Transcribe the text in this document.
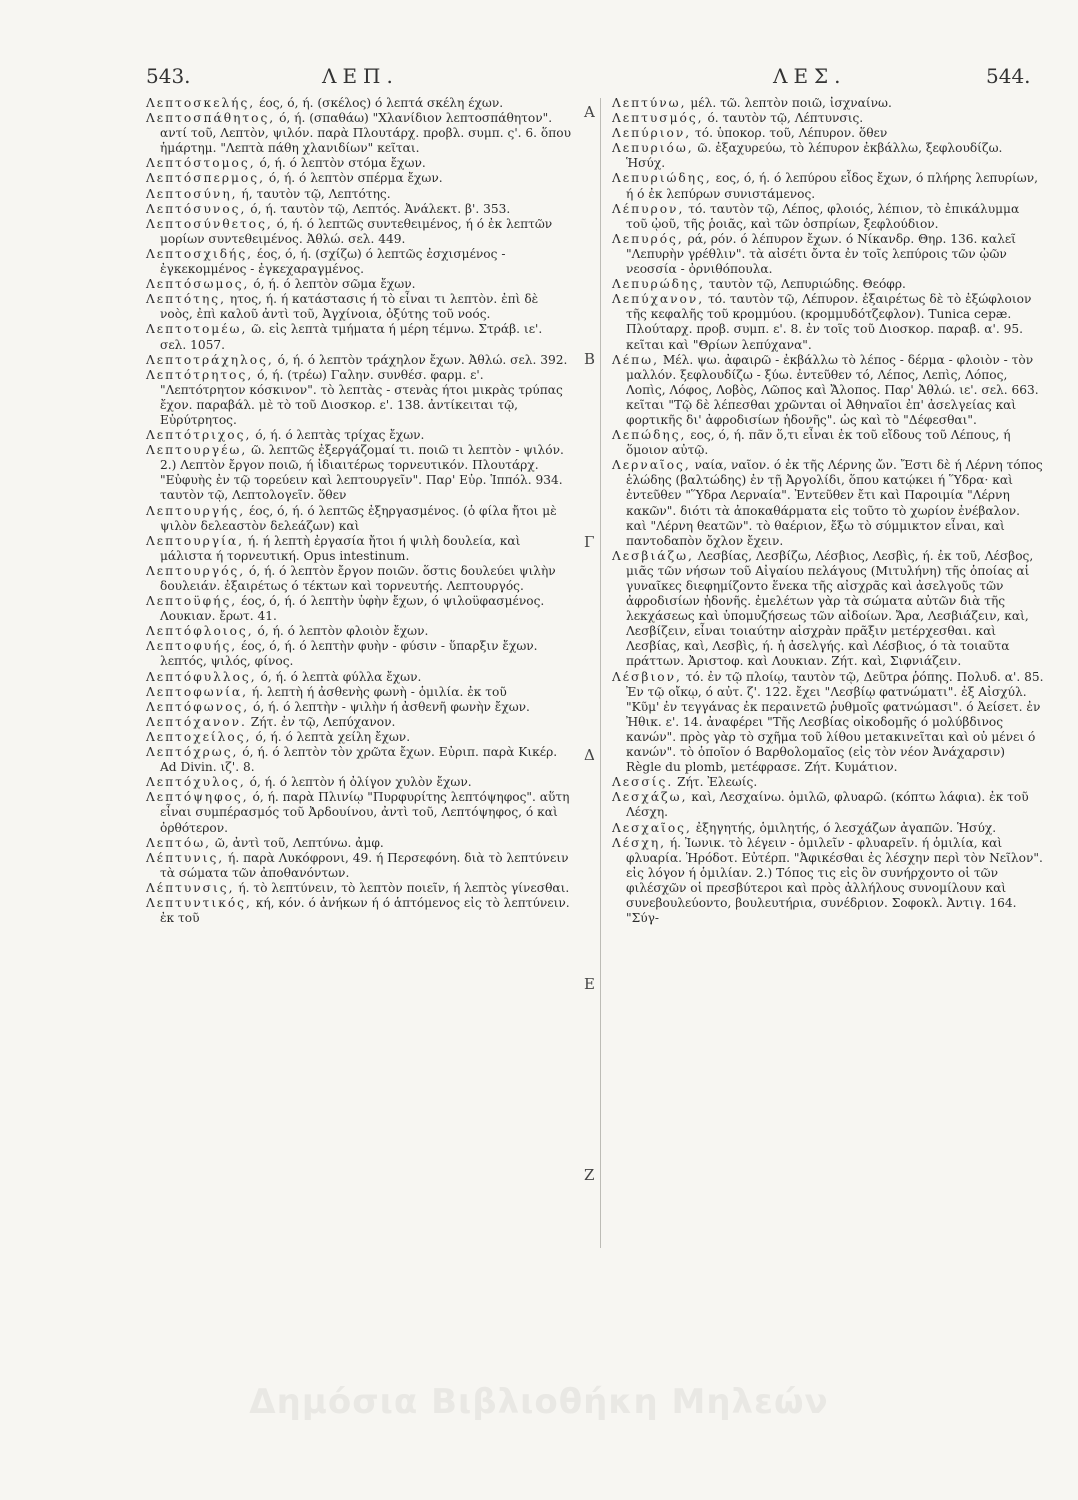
543.	ΛΕΠ.	ΛΕΣ.	544.

Λεπτοσκελής, έος, ό, ή. (σκέλος) ό λεπτά σκέλη έχων.

Λεπτοσπάθητος, ό, ή. (σπαθάω) "Χλανίδιον λεπτοσπάθητον". αντί τοῦ, Λεπτὸν, ψιλόν. παρὰ Πλουτάρχ. προβλ. συμπ. ς'. 6. ὅπου ἡμάρτημ. "Λεπτὰ πάθη χλανιδίων" κεῖται.

Λεπτόστομος, ό, ή. ό λεπτὸν στόμα ἔχων.

Λεπτόσπερμος, ό, ή. ό λεπτὸν σπέρμα ἔχων.

Λεπτοσύνη, ή, ταυτὸν τῷ, Λεπτότης.

Λεπτόσυνος, ό, ή. ταυτὸν τῷ, Λεπτός. Ἀνάλεκτ. β'. 353.

Λεπτοσύνθετος, ό, ή. ό λεπτῶς συντεθειμένος, ή ό ἐκ λεπτῶν μορίων συντεθειμένος. Ἀθλώ. σελ. 449.

Λεπτοσχιδής, έος, ό, ή. (σχίζω) ό λεπτῶς ἐσχισμένος - ἐγκεκομμένος - ἐγκεχαραγμένος.

Λεπτόσωμος, ό, ή. ό λεπτὸν σῶμα ἔχων.

Λεπτότης, ητος, ή. ή κατάστασις ή τὸ εἶναι τι λεπτὸν. ἐπὶ δὲ νοὸς, ἐπὶ καλοῦ ἀντὶ τοῦ, Ἀγχίνοια, ὀξύτης τοῦ νοός.

Λεπτοτομέω, ῶ. εἰς λεπτὰ τμήματα ή μέρη τέμνω. Στράβ. ιε'. σελ. 1057.

Λεπτοτράχηλος, ό, ή. ό λεπτὸν τράχηλον ἔχων. Ἀθλώ. σελ. 392.

Λεπτότρητος, ό, ή. (τρέω) Γαλην. συνθέσ. φαρμ. ε'. "Λεπτότρητον κόσκινον". τὸ λεπτὰς - στενὰς ήτοι μικρὰς τρύπας ἔχον. παραβάλ. μὲ τὸ τοῦ Διοσκορ. ε'. 138. ἀντίκειται τῷ, Εὐρύτρητος.

Λεπτότριχος, ό, ή. ό λεπτὰς τρίχας ἔχων.

Λεπτουργέω, ῶ. λεπτῶς ἐξεργάζομαί τι. ποιῶ τι λεπτὸν - ψιλόν. 2.) Λεπτὸν ἔργον ποιῶ, ή ἰδιαιτέρως τορνευτικόν. Πλουτάρχ. "Εὐφυὴς ἐν τῷ τορεύειν καὶ λεπτουργεῖν". Παρ' Εὐρ. Ἱππόλ. 934. ταυτὸν τῷ, Λεπτολογεῖν. ὅθεν

Λεπτουργής, έος, ό, ή. ό λεπτῶς ἐξηργασμένος. (ὁ φίλα ἤτοι μὲ ψιλὸν δελεαστὸν δελεάζων) καὶ

Λεπτουργία, ή. ή λεπτὴ ἐργασία ἤτοι ή ψιλὴ δουλεία, καὶ μάλιστα ή τορνευτική. Opus intestinum.

Λεπτουργός, ό, ή. ό λεπτὸν ἔργον ποιῶν. ὅστις δουλεύει ψιλὴν δουλειάν. ἐξαιρέτως ό τέκτων καὶ τορνευτής. Λεπτουργός.

Λεπτοϋφής, έος, ό, ή. ό λεπτὴν ὑφὴν ἔχων, ό ψιλοϋφασμένος. Λουκιαν. ἔρωτ. 41.

Λεπτόφλοιος, ό, ή. ό λεπτὸν φλοιὸν ἔχων.

Λεπτοφυής, έος, ό, ή. ό λεπτὴν φυὴν - φύσιν - ὕπαρξιν ἔχων. λεπτός, ψιλός, φίνος.

Λεπτόφυλλος, ό, ή. ό λεπτὰ φύλλα ἔχων.

Λεπτοφωνία, ή. λεπτὴ ή ἀσθενὴς φωνὴ - ὁμιλία. ἐκ τοῦ

Λεπτόφωνος, ό, ή. ό λεπτὴν - ψιλὴν ή ἀσθενῆ φωνὴν ἔχων.

Λεπτόχανον. Ζήτ. ἐν τῷ, Λεπύχανον.

Λεπτοχείλος, ό, ή. ό λεπτὰ χείλη ἔχων.

Λεπτόχρως, ό, ή. ό λεπτὸν τὸν χρῶτα ἔχων. Εὐριπ. παρὰ Κικέρ. Ad Divin. ιζ'. 8.

Λεπτόχυλος, ό, ή. ό λεπτὸν ή ὀλίγον χυλὸν ἔχων.

Λεπτόψηφος, ό, ή. παρὰ Πλινίῳ "Πυρφυρίτης λεπτόψηφος". αὕτη εἶναι συμπέρασμός τοῦ Ἀρδουίνου, ἀντὶ τοῦ, Λεπτόψηφος, ό καὶ ὀρθότερον.

Λεπτόω, ῶ, ἀντὶ τοῦ, Λεπτύνω. ἀμφ.

Λέπτυνις, ή. παρὰ Λυκόφρονι, 49. ή Περσεφόνη. διὰ τὸ λεπτύνειν τὰ σώματα τῶν ἀποθανόντων.

Λέπτυνσις, ή. τὸ λεπτύνειν, τὸ λεπτὸν ποιεῖν, ή λεπτὸς γίνεσθαι.

Λεπτυντικός, κή, κόν. ό ἀνήκων ή ό ἁπτόμενος εἰς τὸ λεπτύνειν. ἐκ τοῦ

A
B
Γ
Δ
E
Z

Λεπτύνω, μέλ. τῶ. λεπτὸν ποιῶ, ἰσχναίνω.

Λεπτυσμός, ό. ταυτὸν τῷ, Λέπτυνσις.

Λεπύριον, τό. ὑποκορ. τοῦ, Λέπυρον. ὅθεν

Λεπυριόω, ῶ. ἐξαχυρεύω, τὸ λέπυρον ἐκβάλλω, ξεφλουδίζω. Ἡσύχ.

Λεπυριώδης, εος, ό, ή. ό λεπύρου εἶδος ἔχων, ό πλήρης λεπυρίων, ή ό ἐκ λεπύρων συνιστάμενος.

Λέπυρον, τό. ταυτὸν τῷ, Λέπος, φλοιός, λέπιον, τὸ ἐπικάλυμμα τοῦ ᾠοῦ, τῆς ῥοιᾶς, καὶ τῶν ὀσπρίων, ξεφλούδιον.

Λεπυρός, ρά, ρόν. ό λέπυρον ἔχων. ό Νίκανδρ. Θηρ. 136. καλεῖ "Λεπυρὴν γρέθλιν". τὰ αἰσέτι ὄντα ἐν τοῖς λεπύροις τῶν ᾠῶν νεοσσία - ὀρνιθόπουλα.

Λεπυρώδης, ταυτὸν τῷ, Λεπυριώδης. Θεόφρ.

Λεπύχανον, τό. ταυτὸν τῷ, Λέπυρον. ἐξαιρέτως δὲ τὸ ἐξώφλοιον τῆς κεφαλῆς τοῦ κρομμύου. (κρομμυδότζεφλον). Tunica cepæ. Πλούταρχ. προβ. συμπ. ε'. 8. ἐν τοῖς τοῦ Διοσκορ. παραβ. α'. 95. κεῖται καὶ "Θρίων λεπύχανα".

Λέπω, Μέλ. ψω. ἀφαιρῶ - ἐκβάλλω τὸ λέπος - δέρμα - φλοιὸν - τὸν μαλλόν. ξεφλουδίζω - ξύω. ἐντεῦθεν τό, Λέπος, Λεπὶς, Λόπος, Λοπὶς, Λόφος, Λοβὸς, Λῶπος καὶ Ἄλοπος. Παρ' Ἀθλώ. ιε'. σελ. 663. κεῖται "Τῷ δὲ λέπεσθαι χρῶνται οἱ Ἀθηναῖοι ἐπ' ἀσελγείας καὶ φορτικῆς δι' ἀφροδισίων ἡδονῆς". ὡς καὶ τὸ "Δέφεσθαι".

Λεπώδης, εος, ό, ή. πᾶν ὅ,τι εἶναι ἐκ τοῦ εἴδους τοῦ Λέπους, ή ὅμοιον αὐτῷ.

Λερναῖος, ναία, ναῖον. ό ἐκ τῆς Λέρνης ὤν. Ἔστι δὲ ή Λέρνη τόπος ἑλώδης (βαλτώδης) ἐν τῇ Ἀργολίδι, ὅπου κατῴκει ή Ὕδρα· καὶ ἐντεῦθεν "Ὕδρα Λερναία". Ἐντεῦθεν ἔτι καὶ Παροιμία "Λέρνη κακῶν". διότι τὰ ἀποκαθάρματα εἰς τοῦτο τὸ χωρίον ἐνέβαλον. καὶ "Λέρνη θεατῶν". τὸ θαέριον, ἔξω τὸ σύμμικτον εἶναι, καὶ παντοδαπὸν ὄχλον ἔχειν.

Λεσβιάζω, Λεσβίας, Λεσβίζω, Λέσβιος, Λεσβὶς, ή. ἐκ τοῦ, Λέσβος, μιᾶς τῶν νήσων τοῦ Αἰγαίου πελάγους (Μιτυλήνη) τῆς ὁποίας αἱ γυναῖκες διεφημίζοντο ἕνεκα τῆς αἰσχρᾶς καὶ ἀσελγοῦς τῶν ἀφροδισίων ἡδονῆς. ἐμελέτων γὰρ τὰ σώματα αὐτῶν διὰ τῆς λεκχάσεως καὶ ὑπομυζήσεως τῶν αἰδοίων. Ἄρα, Λεσβιάζειν, καὶ, Λεσβίζειν, εἶναι τοιαύτην αἰσχρὰν πρᾶξιν μετέρχεσθαι. καὶ Λεσβίας, καὶ, Λεσβὶς, ή. ἡ ἀσελγής. καὶ Λέσβιος, ό τὰ τοιαῦτα πράττων. Ἀριστοφ. καὶ Λουκιαν. Ζήτ. καὶ, Σιφνιάζειν.

Λέσβιον, τό. ἐν τῷ πλοίῳ, ταυτὸν τῷ, Δεῦτρα ῥόπης. Πολυδ. α'. 85. Ἐν τῷ οἴκῳ, ό αὐτ. ζ'. 122. ἔχει "Λεσβίῳ φατνώματι". ἐξ Αἰσχύλ. "Κῦμ' ἐν τεγγάνας ἐκ περαινετῶ ῥυθμοῖς φατνώμασι". ό Ἀείσετ. ἐν Ἠθικ. ε'. 14. ἀναφέρει "Τῆς Λεσβίας οἰκοδομῆς ό μολύβδινος κανών". πρὸς γὰρ τὸ σχῆμα τοῦ λίθου μετακινεῖται καὶ οὐ μένει ό κανών". τὸ ὁποῖον ό Βαρθολομαῖος (εἰς τὸν νέον Ἀνάχαρσιν) Règle du plomb, μετέφρασε. Ζήτ. Κυμάτιον.

Λεσσίς. Ζήτ. Ἐλεωίς.

Λεσχάζω, καὶ, Λεσχαίνω. ὁμιλῶ, φλυαρῶ. (κόπτω λάφια). ἐκ τοῦ Λέσχη.

Λεσχαῖος, ἐξηγητής, ὁμιλητής, ό λεσχάζων ἀγαπῶν. Ἡσύχ.

Λέσχη, ή. Ἰωνικ. τὸ λέγειν - ὁμιλεῖν - φλυαρεῖν. ή ὁμιλία, καὶ φλυαρία. Ἡρόδοτ. Εὐτέρπ. "Ἀφικέσθαι ἐς λέσχην περὶ τὸν Νεῖλον". εἰς λόγον ή ὁμιλίαν. 2.) Τόπος τις εἰς ὃν συνήρχοντο οἱ τῶν φιλέσχῶν οἱ πρεσβύτεροι καὶ πρὸς ἀλλήλους συνομίλουν καὶ συνεβουλεύοντο, βουλευτήρια, συνέδριον. Σοφοκλ. Ἀντιγ. 164. "Σύγ-

Δημόσια Βιβλιοθήκη Μηλεών
